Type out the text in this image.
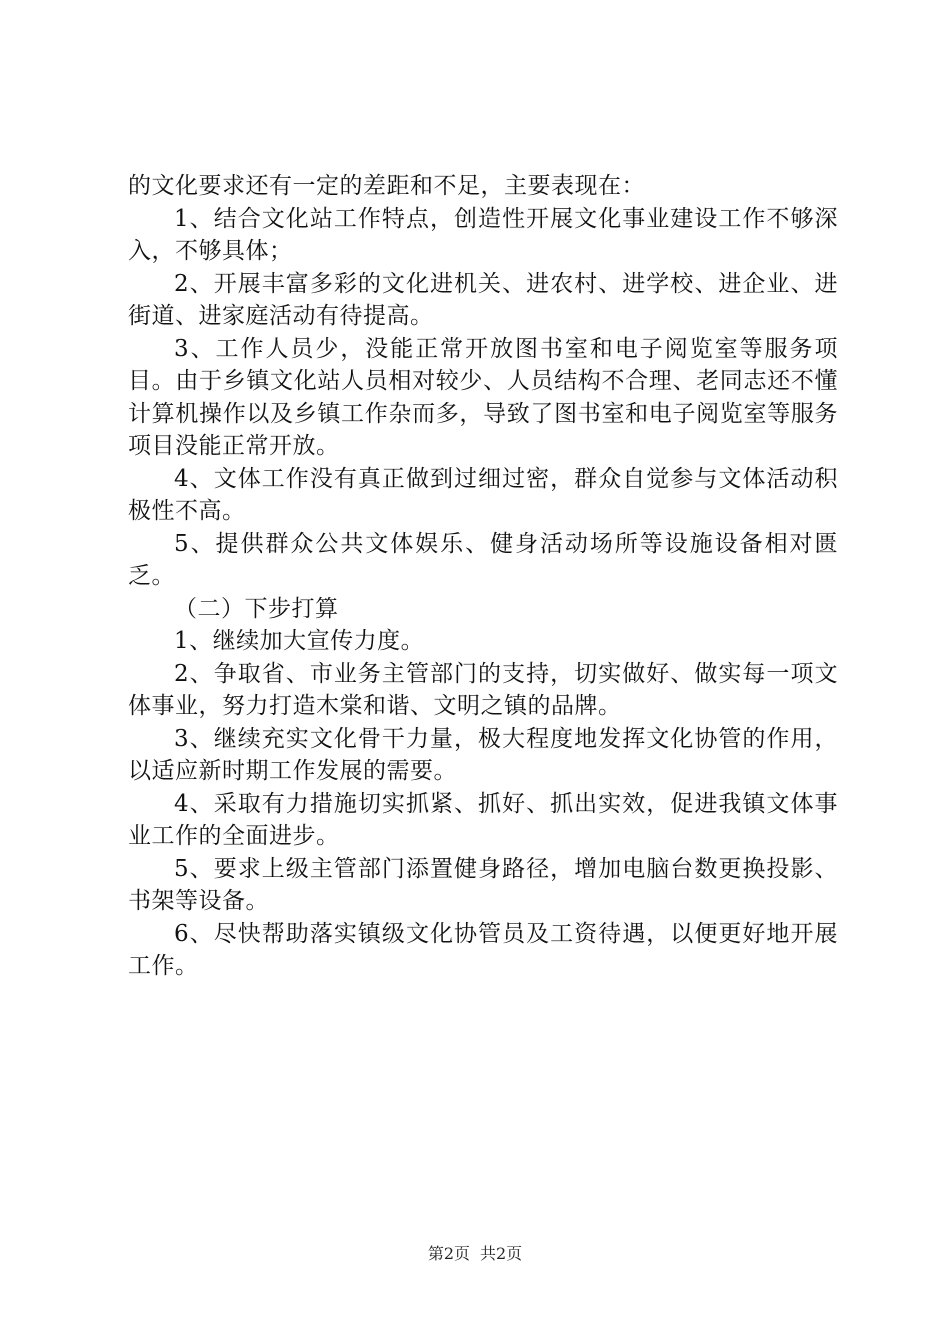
的文化要求还有一定的差距和不足，主要表现在：

1、结合文化站工作特点，创造性开展文化事业建设工作不够深入，不够具体；

2、开展丰富多彩的文化进机关、进农村、进学校、进企业、进街道、进家庭活动有待提高。

3、工作人员少，没能正常开放图书室和电子阅览室等服务项目。由于乡镇文化站人员相对较少、人员结构不合理、老同志还不懂计算机操作以及乡镇工作杂而多，导致了图书室和电子阅览室等服务项目没能正常开放。

4、文体工作没有真正做到过细过密，群众自觉参与文体活动积极性不高。

5、提供群众公共文体娱乐、健身活动场所等设施设备相对匮乏。

（二）下步打算

1、继续加大宣传力度。

2、争取省、市业务主管部门的支持，切实做好、做实每一项文体事业，努力打造木棠和谐、文明之镇的品牌。

3、继续充实文化骨干力量，极大程度地发挥文化协管的作用，以适应新时期工作发展的需要。

4、采取有力措施切实抓紧、抓好、抓出实效，促进我镇文体事业工作的全面进步。

5、要求上级主管部门添置健身路径，增加电脑台数更换投影、书架等设备。

6、尽快帮助落实镇级文化协管员及工资待遇，以便更好地开展工作。

第2页 共2页
